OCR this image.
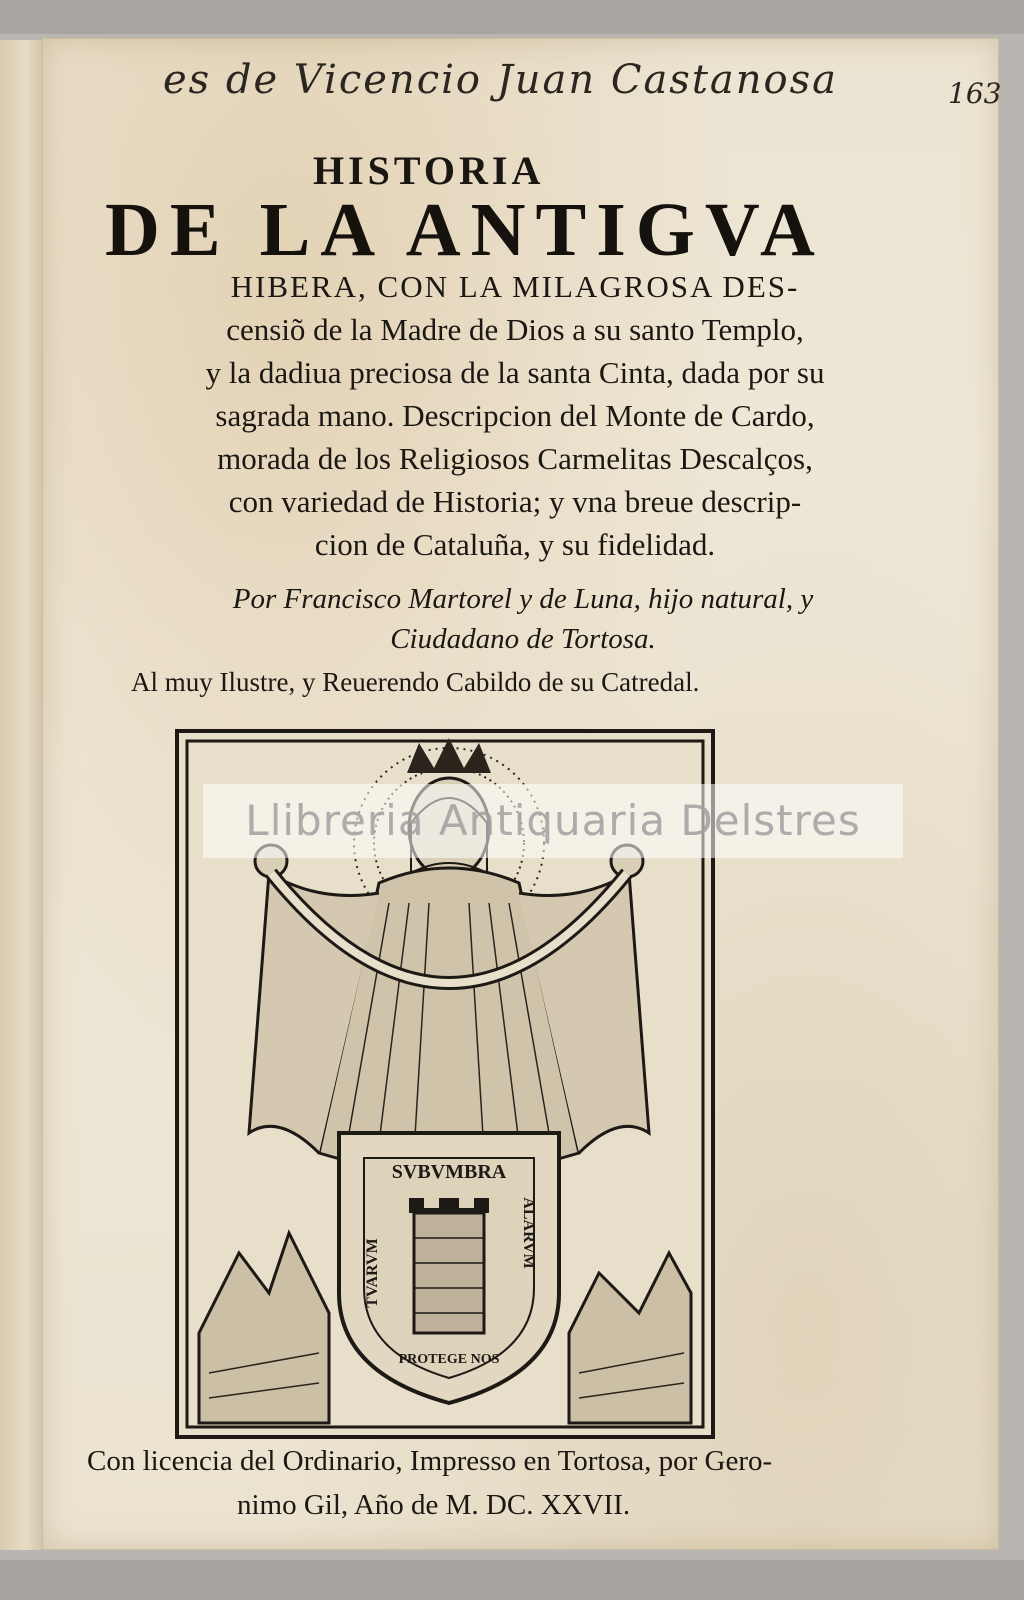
es de Vicencio Juan Castanosa	163

HISTORIA
DE LA ANTIGVA
HIBERA, CON LA MILAGROSA DES-
censiõ de la Madre de Dios a su santo Templo,
y la dadiua preciosa de la santa Cinta, dada por su
sagrada mano. Descripcion del Monte de Cardo,
morada de los Religiosos Carmelitas Descalços,
con variedad de Historia; y vna breue descrip-
cion de Cataluña, y su fidelidad.
Por Francisco Martorel y de Luna, hijo natural, y
Ciudadano de Tortosa.

Al muy Ilustre, y Reuerendo Cabildo de su Catredal.

SVBVMBRA
ALARVM
TVARVM
PROTEGE NOS

Llibreria Antiquaria Delstres

Con licencia del Ordinario, Impresso en Tortosa, por Gero-
nimo Gil, Año de M. DC. XXVII.
